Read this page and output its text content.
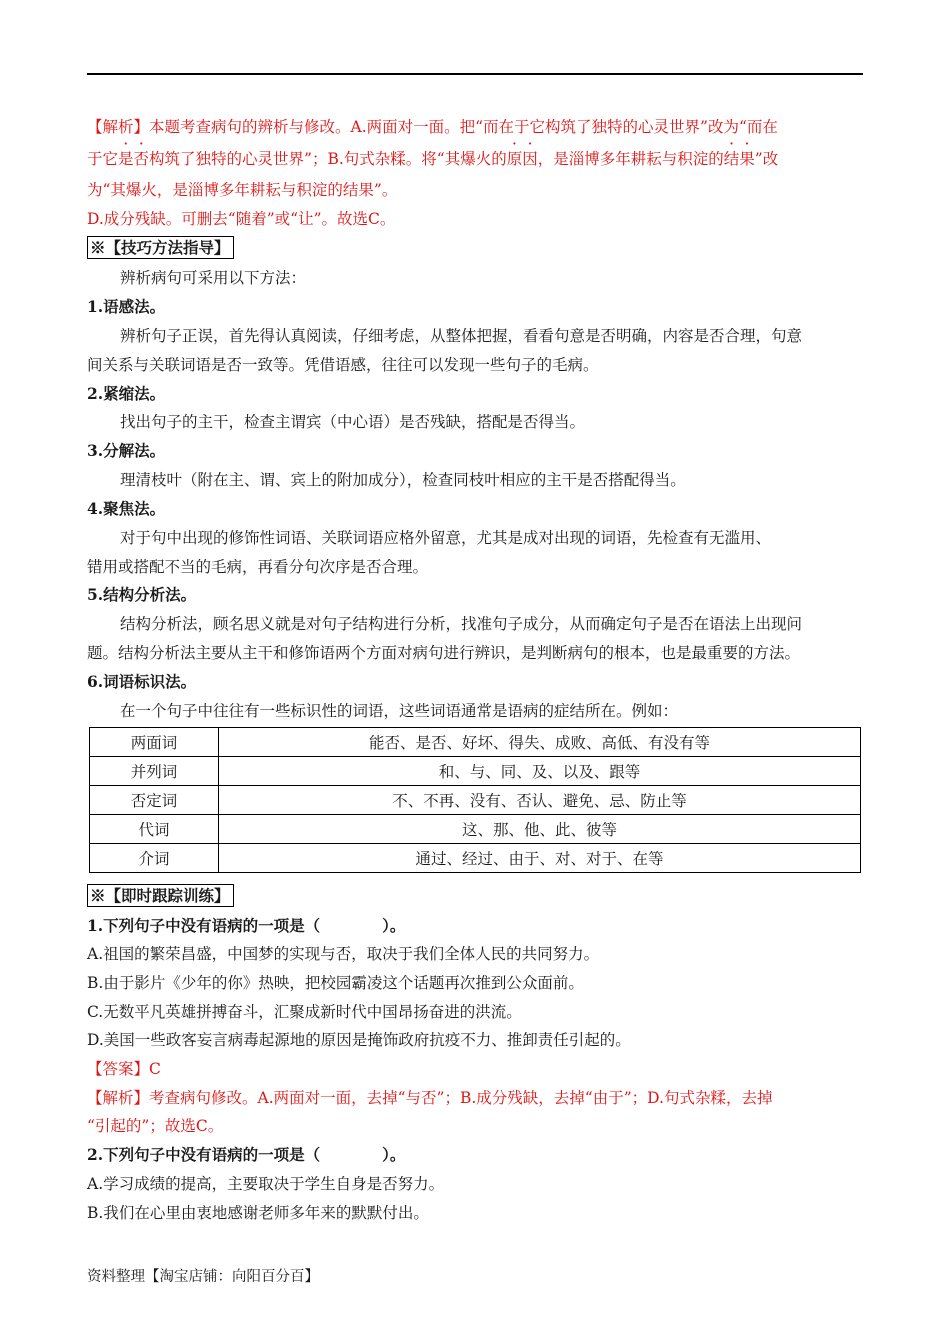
【解析】本题考查病句的辨析与修改。A.两面对一面。把“而在于它构筑了独特的心灵世界”改为“而在
于它是否构筑了独特的心灵世界”；B.句式杂糅。将“其爆火的原因，是淄博多年耕耘与积淀的结果”改
为“其爆火，是淄博多年耕耘与积淀的结果”。
D.成分残缺。可删去“随着”或“让”。故选C。
※【技巧方法指导】
辨析病句可采用以下方法：
1.语感法。
辨析句子正误，首先得认真阅读，仔细考虑，从整体把握，看看句意是否明确，内容是否合理，句意
间关系与关联词语是否一致等。凭借语感，往往可以发现一些句子的毛病。
2.紧缩法。
找出句子的主干，检查主谓宾（中心语）是否残缺，搭配是否得当。
3.分解法。
理清枝叶（附在主、谓、宾上的附加成分），检查同枝叶相应的主干是否搭配得当。
4.聚焦法。
对于句中出现的修饰性词语、关联词语应格外留意，尤其是成对出现的词语，先检查有无滥用、
错用或搭配不当的毛病，再看分句次序是否合理。
5.结构分析法。
结构分析法，顾名思义就是对句子结构进行分析，找准句子成分，从而确定句子是否在语法上出现问
题。结构分析法主要从主干和修饰语两个方面对病句进行辨识，是判断病句的根本，也是最重要的方法。
6.词语标识法。
在一个句子中往往有一些标识性的词语，这些词语通常是语病的症结所在。例如：
两面词	能否、是否、好坏、得失、成败、高低、有没有等
并列词	和、与、同、及、以及、跟等
否定词	不、不再、没有、否认、避免、忌、防止等
代词	这、那、他、此、彼等
介词	通过、经过、由于、对、对于、在等
※【即时跟踪训练】
1.下列句子中没有语病的一项是（　　　　）。
A.祖国的繁荣昌盛，中国梦的实现与否，取决于我们全体人民的共同努力。
B.由于影片《少年的你》热映，把校园霸凌这个话题再次推到公众面前。
C.无数平凡英雄拼搏奋斗，汇聚成新时代中国昂扬奋进的洪流。
D.美国一些政客妄言病毒起源地的原因是掩饰政府抗疫不力、推卸责任引起的。
【答案】C
【解析】考查病句修改。A.两面对一面，去掉“与否”；B.成分残缺，去掉“由于”；D.句式杂糅，去掉
“引起的”；故选C。
2.下列句子中没有语病的一项是（　　　　）。
A.学习成绩的提高，主要取决于学生自身是否努力。
B.我们在心里由衷地感谢老师多年来的默默付出。
资料整理【淘宝店铺：向阳百分百】
